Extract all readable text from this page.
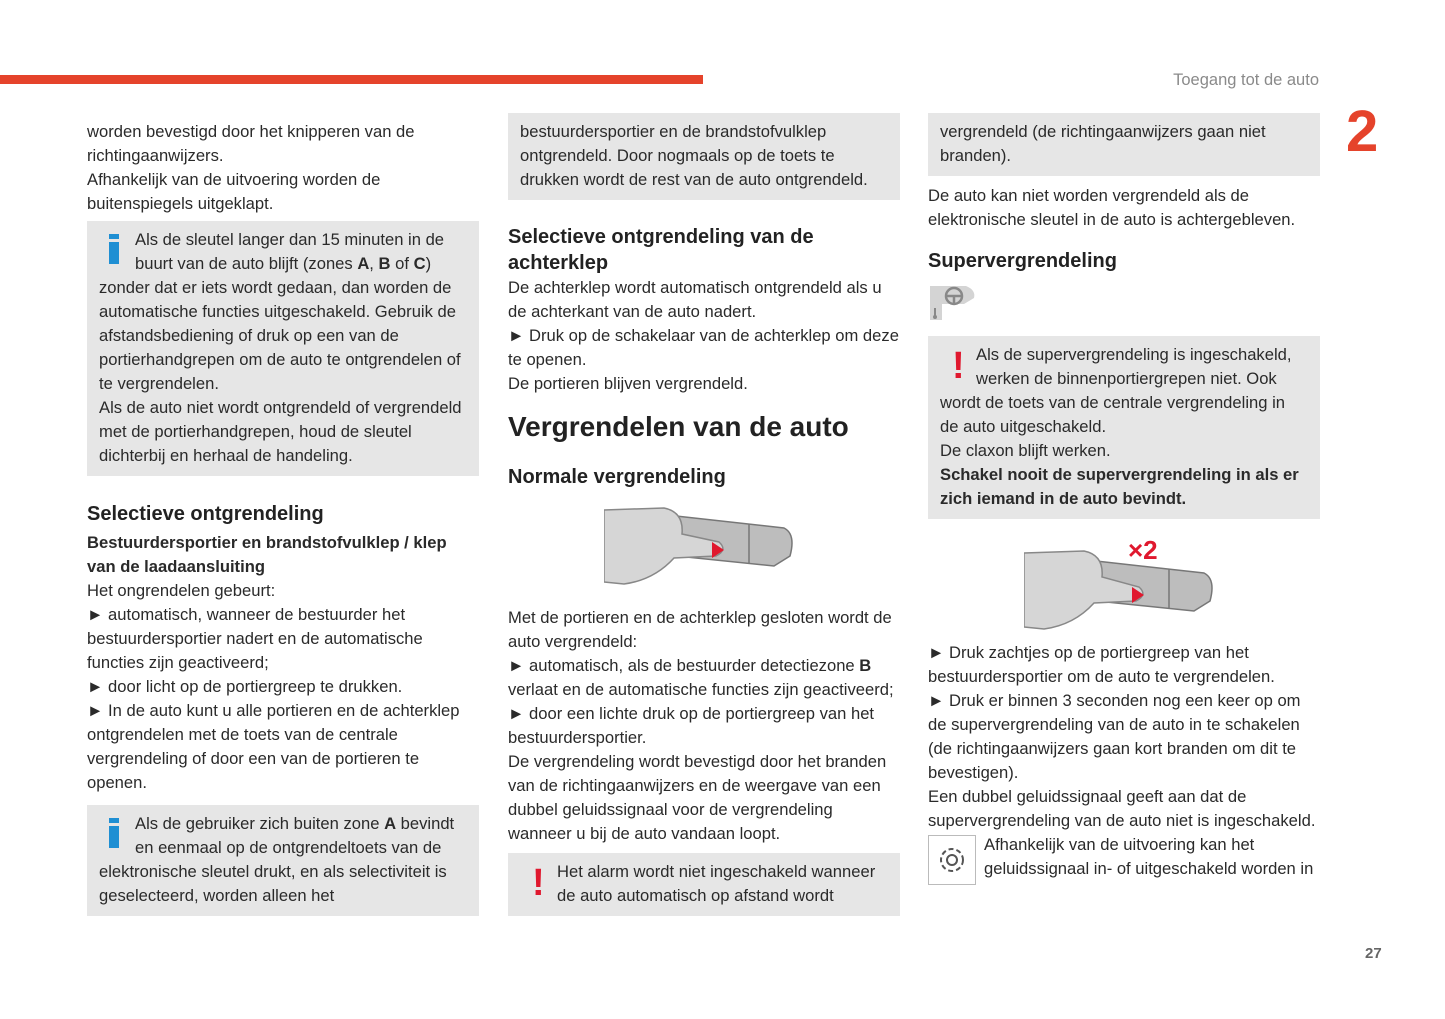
Toegang tot de auto
2
27

worden bevestigd door het knipperen van de richtingaanwijzers.

Afhankelijk van de uitvoering worden de buitenspiegels uitgeklapt.

Als de sleutel langer dan 15 minuten in de buurt van de auto blijft (zones A, B of C) zonder dat er iets wordt gedaan, dan worden de automatische functies uitgeschakeld. Gebruik de afstandsbediening of druk op een van de portierhandgrepen om de auto te ontgrendelen of te vergrendelen.

Als de auto niet wordt ontgrendeld of vergrendeld met de portierhandgrepen, houd de sleutel dichterbij en herhaal de handeling.

Selectieve ontgrendeling

Bestuurdersportier en brandstofvulklep / klep van de laadaansluiting

Het ongrendelen gebeurt:

► automatisch, wanneer de bestuurder het bestuurdersportier nadert en de automatische functies zijn geactiveerd;

► door licht op de portiergreep te drukken.

► In de auto kunt u alle portieren en de achterklep ontgrendelen met de toets van de centrale vergrendeling of door een van de portieren te openen.

Als de gebruiker zich buiten zone A bevindt en eenmaal op de ontgrendeltoets van de elektronische sleutel drukt, en als selectiviteit is geselecteerd, worden alleen het

bestuurdersportier en de brandstofvulklep ontgrendeld. Door nogmaals op de toets te drukken wordt de rest van de auto ontgrendeld.

Selectieve ontgrendeling van de achterklep

De achterklep wordt automatisch ontgrendeld als u de achterkant van de auto nadert.

► Druk op de schakelaar van de achterklep om deze te openen.

De portieren blijven vergrendeld.

Vergrendelen van de auto
Normale vergrendeling

Met de portieren en de achterklep gesloten wordt de auto vergrendeld:

► automatisch, als de bestuurder detectiezone B verlaat en de automatische functies zijn geactiveerd;

► door een lichte druk op de portiergreep van het bestuurdersportier.

De vergrendeling wordt bevestigd door het branden van de richtingaanwijzers en de weergave van een dubbel geluidssignaal voor de vergrendeling wanneer u bij de auto vandaan loopt.

! Het alarm wordt niet ingeschakeld wanneer de auto automatisch op afstand wordt

vergrendeld (de richtingaanwijzers gaan niet branden).

De auto kan niet worden vergrendeld als de elektronische sleutel in de auto is achtergebleven.

Supervergrendeling
! Als de supervergrendeling is ingeschakeld, werken de binnenportiergrepen niet. Ook wordt de toets van de centrale vergrendeling in de auto uitgeschakeld.

De claxon blijft werken.

Schakel nooit de supervergrendeling in als er zich iemand in de auto bevindt.

×2

► Druk zachtjes op de portiergreep van het bestuurdersportier om de auto te vergrendelen.

► Druk er binnen 3 seconden nog een keer op om de supervergrendeling van de auto in te schakelen (de richtingaanwijzers gaan kort branden om dit te bevestigen).

Een dubbel geluidssignaal geeft aan dat de supervergrendeling van de auto niet is ingeschakeld.

Afhankelijk van de uitvoering kan het geluidssignaal in- of uitgeschakeld worden in
